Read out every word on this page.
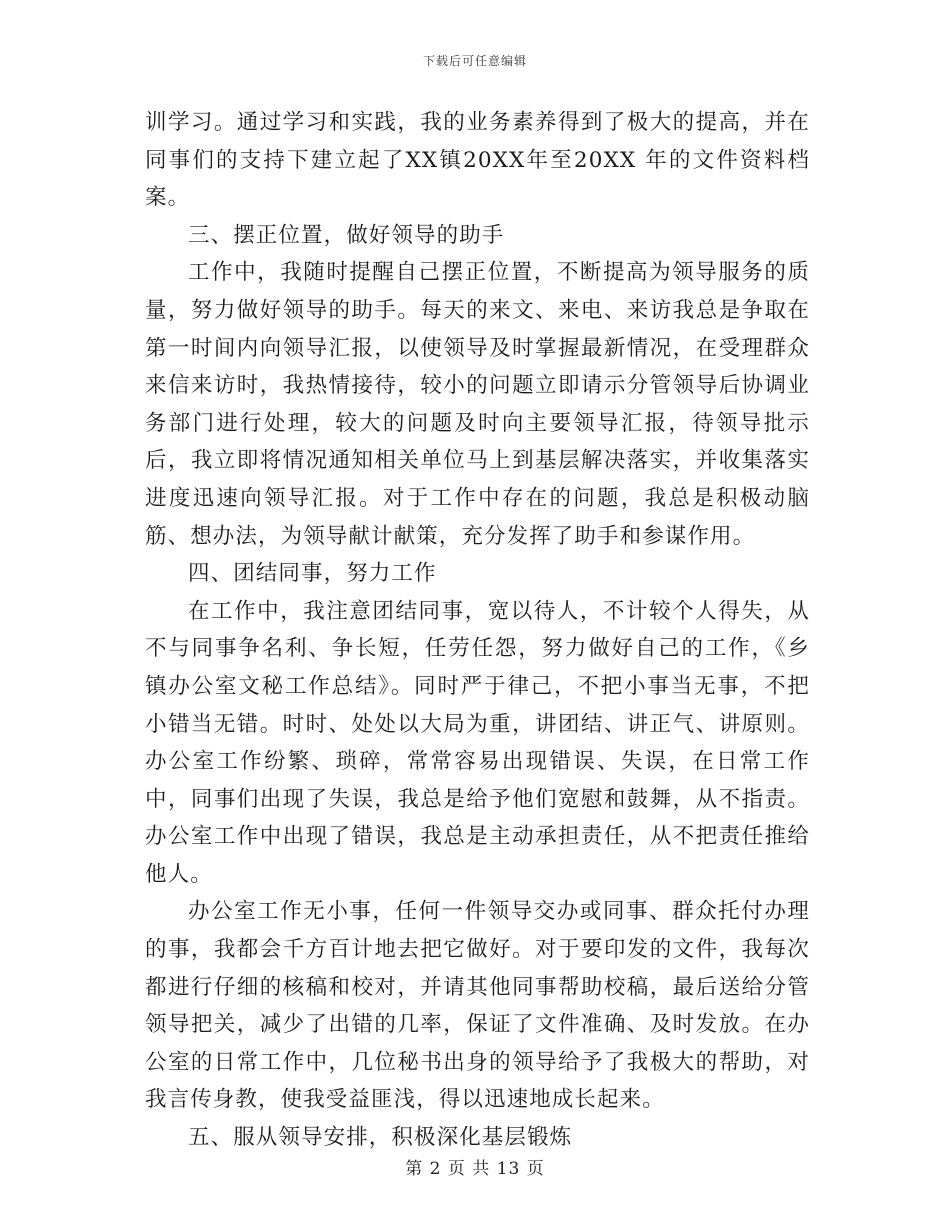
下载后可任意编辑

训学习。通过学习和实践，我的业务素养得到了极大的提高，并在同事们的支持下建立起了XX镇20XX年至20XX 年的文件资料档案。

三、摆正位置，做好领导的助手

工作中，我随时提醒自己摆正位置，不断提高为领导服务的质量，努力做好领导的助手。每天的来文、来电、来访我总是争取在第一时间内向领导汇报，以使领导及时掌握最新情况，在受理群众来信来访时，我热情接待，较小的问题立即请示分管领导后协调业务部门进行处理，较大的问题及时向主要领导汇报，待领导批示后，我立即将情况通知相关单位马上到基层解决落实，并收集落实进度迅速向领导汇报。对于工作中存在的问题，我总是积极动脑筋、想办法，为领导献计献策，充分发挥了助手和参谋作用。

四、团结同事，努力工作

在工作中，我注意团结同事，宽以待人，不计较个人得失，从不与同事争名利、争长短，任劳任怨，努力做好自己的工作，《乡镇办公室文秘工作总结》。同时严于律己，不把小事当无事，不把小错当无错。时时、处处以大局为重，讲团结、讲正气、讲原则。办公室工作纷繁、琐碎，常常容易出现错误、失误，在日常工作中，同事们出现了失误，我总是给予他们宽慰和鼓舞，从不指责。办公室工作中出现了错误，我总是主动承担责任，从不把责任推给他人。

办公室工作无小事，任何一件领导交办或同事、群众托付办理的事，我都会千方百计地去把它做好。对于要印发的文件，我每次都进行仔细的核稿和校对，并请其他同事帮助校稿，最后送给分管领导把关，减少了出错的几率，保证了文件准确、及时发放。在办公室的日常工作中，几位秘书出身的领导给予了我极大的帮助，对我言传身教，使我受益匪浅，得以迅速地成长起来。

五、服从领导安排，积极深化基层锻炼

第 2 页 共 13 页
